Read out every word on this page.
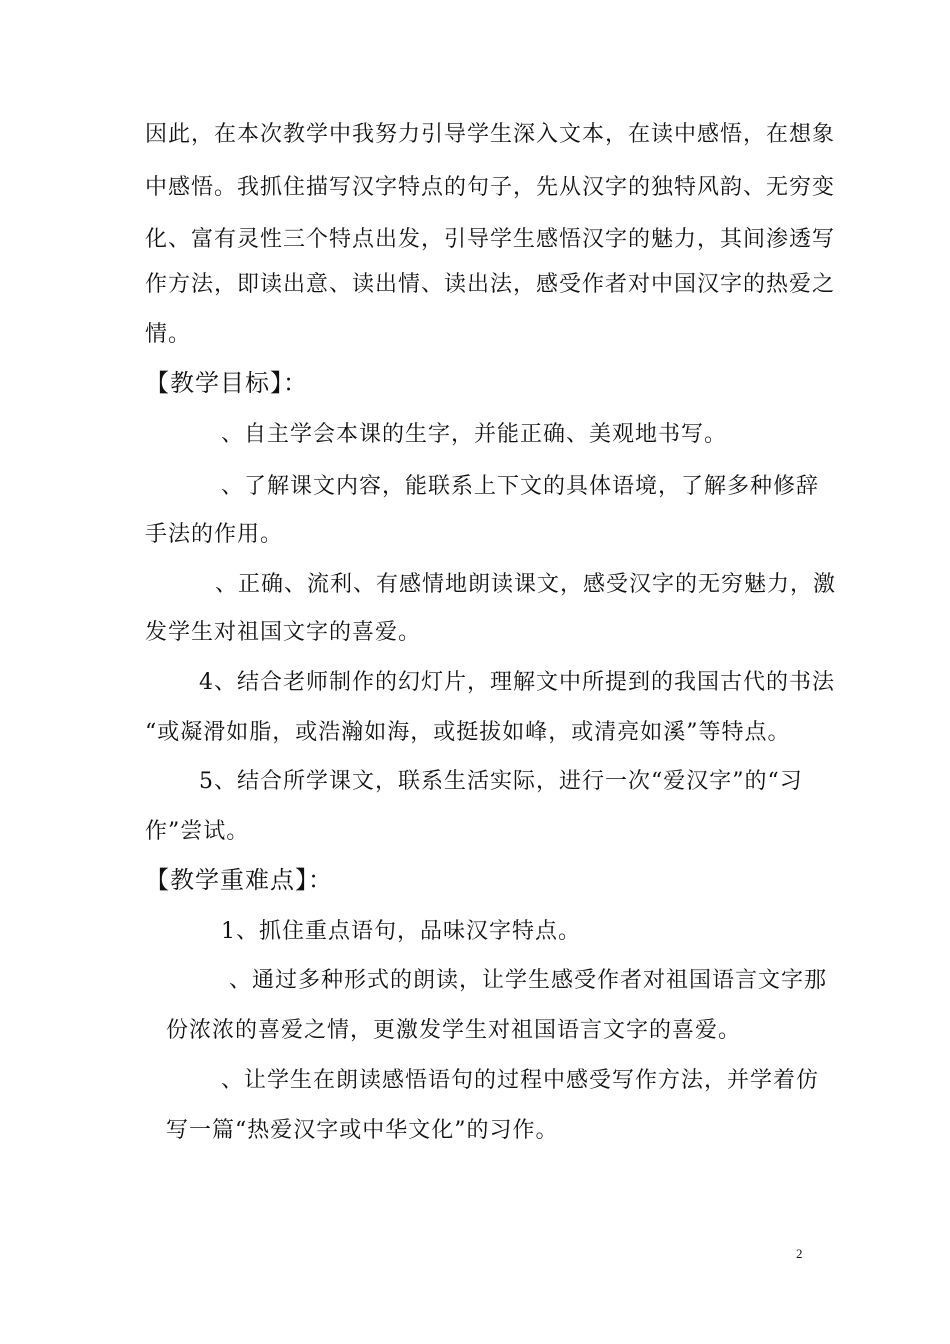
因此，在本次教学中我努力引导学生深入文本，在读中感悟，在想象
中感悟。我抓住描写汉字特点的句子，先从汉字的独特风韵、无穷变
化、富有灵性三个特点出发，引导学生感悟汉字的魅力，其间渗透写
作方法，即读出意、读出情、读出法，感受作者对中国汉字的热爱之
情。
【教学目标】：
、自主学会本课的生字，并能正确、美观地书写。
、了解课文内容，能联系上下文的具体语境，了解多种修辞
手法的作用。
、正确、流利、有感情地朗读课文，感受汉字的无穷魅力，激
发学生对祖国文字的喜爱。
4、结合老师制作的幻灯片，理解文中所提到的我国古代的书法
“或凝滑如脂，或浩瀚如海，或挺拔如峰，或清亮如溪”等特点。
5、结合所学课文，联系生活实际，进行一次“爱汉字”的“习
作”尝试。
【教学重难点】：
1、抓住重点语句，品味汉字特点。
、通过多种形式的朗读，让学生感受作者对祖国语言文字那
份浓浓的喜爱之情，更激发学生对祖国语言文字的喜爱。
、让学生在朗读感悟语句的过程中感受写作方法，并学着仿
写一篇“热爱汉字或中华文化”的习作。
2
